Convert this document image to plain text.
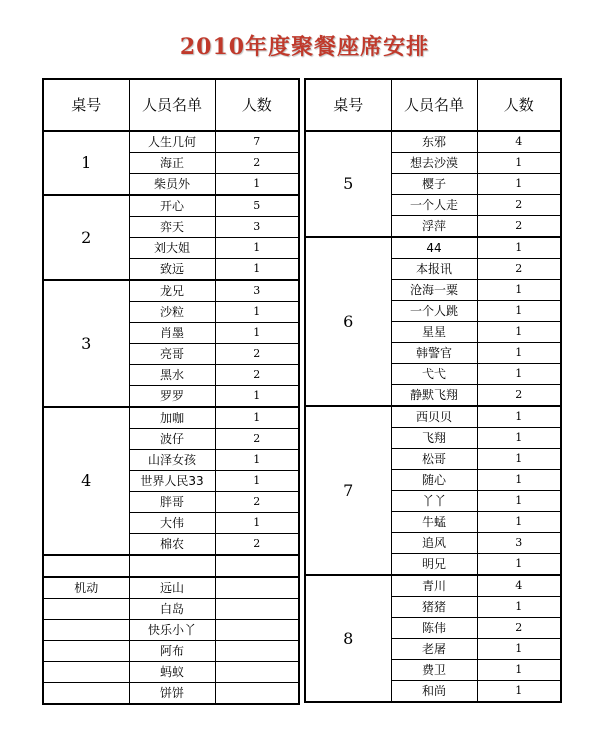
2010年度聚餐座席安排
桌号	人员名单	人数
1	人生几何	7
	海正	2
	柴员外	1
2	开心	5
	弈天	3
	刘大姐	1
	致远	1
3	龙兄	3
	沙粒	1
	肖墨	1
	亮哥	2
	黑水	2
	罗罗	1
4	加咖	1
	波仔	2
	山泽女孩	1
	世界人民33	1
	胖哥	2
	大伟	1
	棉农	2

机动	远山	
	白岛	
	快乐小丫	
	阿布	
	蚂蚁	
	饼饼	
桌号	人员名单	人数
5	东邪	4
	想去沙漠	1
	樱子	1
	一个人走	2
	浮萍	2
6	44	1
	本报讯	2
	沧海一粟	1
	一个人跳	1
	星星	1
	韩警官	1
	弋弋	1
	静默飞翔	2
7	西贝贝	1
	飞翔	1
	松哥	1
	随心	1
	丫丫	1
	牛蜢	1
	追风	3
	明兄	1
8	青川	4
	猪猪	1
	陈伟	2
	老屠	1
	费卫	1
	和尚	1
